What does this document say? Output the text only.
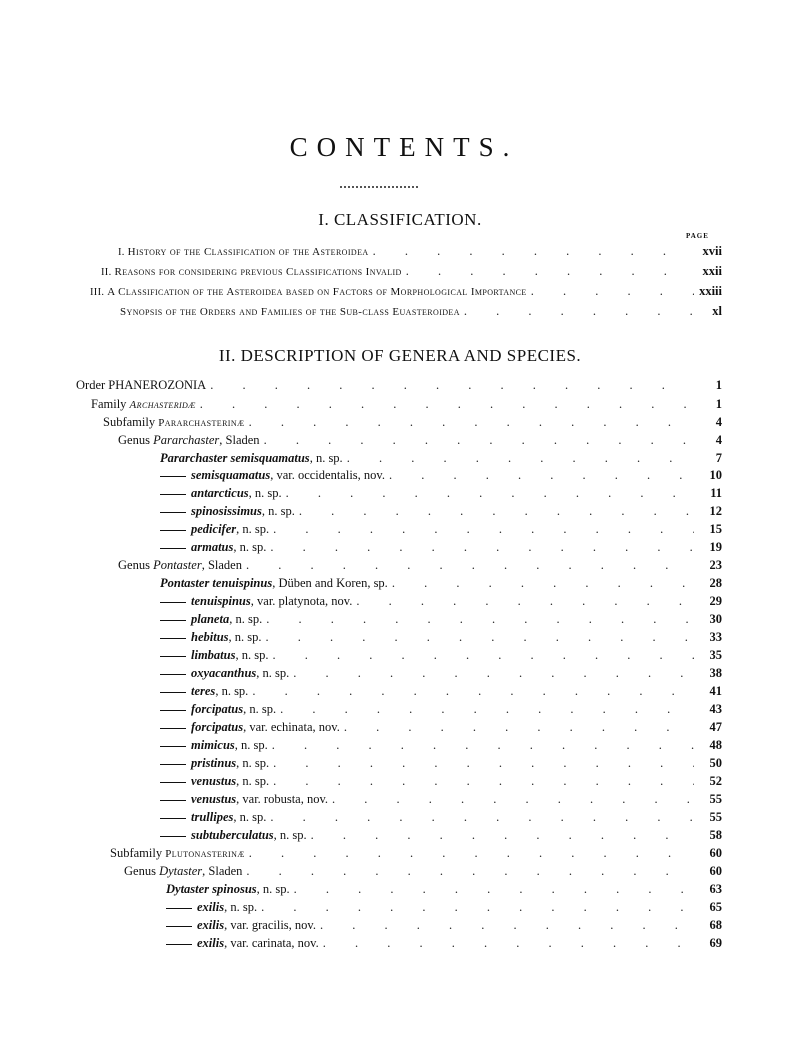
CONTENTS.
I. CLASSIFICATION.
PAGE
I. History of the Classification of the Asteroidea . . .	xvii
II. Reasons for considering previous Classifications Invalid . . .	xxii
III. A Classification of the Asteroidea based on Factors of Morphological Importance . . .	xxiii
Synopsis of the Orders and Families of the Sub-class Euasteroidea . . .	xl
II. DESCRIPTION OF GENERA AND SPECIES.
Order PHANEROZONIA . . .	1
Family Archasteridæ . . .	1
Subfamily Pararchasterinæ . . .	4
Genus Pararchaster, Sladen . . .	4
Pararchaster semisquamatus, n. sp. . . .	7
semisquamatus, var. occidentalis, nov. . . .	10
antarcticus, n. sp. . . .	11
spinosissimus, n. sp. . . .	12
pedicifer, n. sp. . . .	15
armatus, n. sp. . . .	19
Genus Pontaster, Sladen . . .	23
Pontaster tenuispinus, Düben and Koren, sp. . . .	28
tenuispinus, var. platynota, nov. . . .	29
planeta, n. sp. . . .	30
hebitus, n. sp. . . .	33
limbatus, n. sp. . . .	35
oxyacanthus, n. sp. . . .	38
teres, n. sp. . . .	41
forcipatus, n. sp. . . .	43
forcipatus, var. echinata, nov. . . .	47
mimicus, n. sp. . . .	48
pristinus, n. sp. . . .	50
venustus, n. sp. . . .	52
venustus, var. robusta, nov. . . .	55
trullipes, n. sp. . . .	55
subtuberculatus, n. sp. . . .	58
Subfamily Plutonasterinæ . . .	60
Genus Dytaster, Sladen . . .	60
Dytaster spinosus, n. sp. . . .	63
exilis, n. sp. . . .	65
exilis, var. gracilis, nov. . . .	68
exilis, var. carinata, nov. . . .	69
